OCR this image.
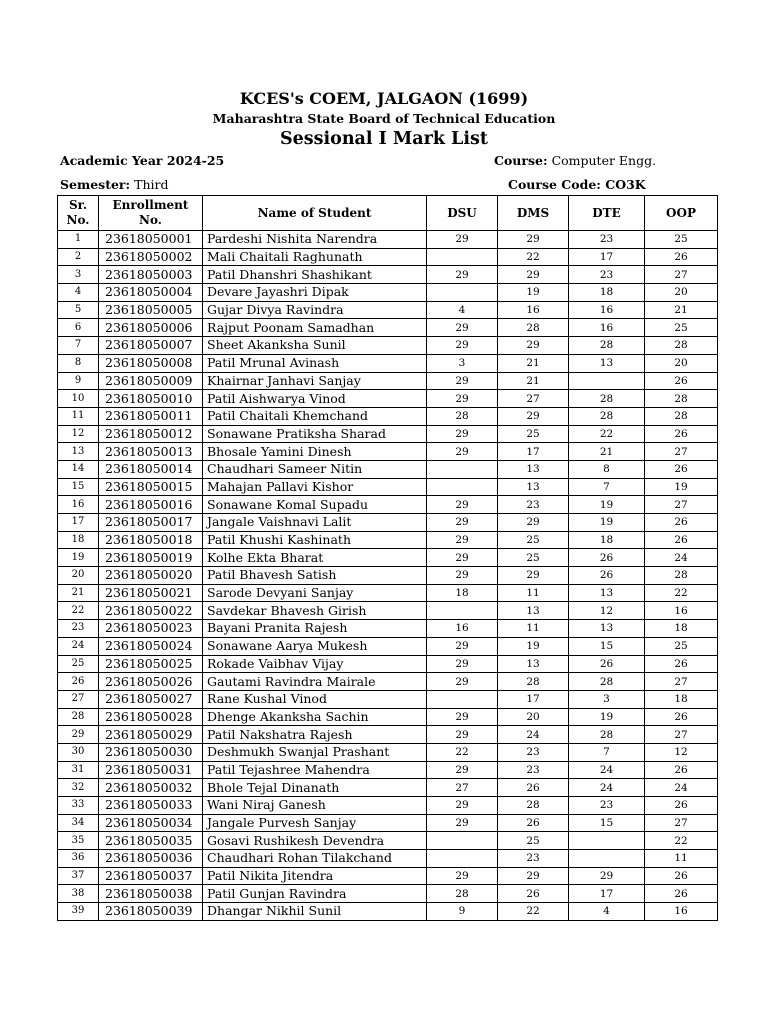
KCES's COEM, JALGAON (1699)
Maharashtra State Board of Technical Education
Sessional I Mark List
Academic Year 2024-25	Course: Computer Engg.
Semester: Third	Course Code: CO3K
Sr. No.	Enrollment No.	Name of Student	DSU	DMS	DTE	OOP
1	23618050001	Pardeshi Nishita Narendra	29	29	23	25
2	23618050002	Mali Chaitali Raghunath		22	17	26
3	23618050003	Patil Dhanshri Shashikant	29	29	23	27
4	23618050004	Devare Jayashri Dipak		19	18	20
5	23618050005	Gujar Divya Ravindra	4	16	16	21
6	23618050006	Rajput Poonam Samadhan	29	28	16	25
7	23618050007	Sheet Akanksha Sunil	29	29	28	28
8	23618050008	Patil Mrunal Avinash	3	21	13	20
9	23618050009	Khairnar Janhavi Sanjay	29	21		26
10	23618050010	Patil Aishwarya Vinod	29	27	28	28
11	23618050011	Patil Chaitali Khemchand	28	29	28	28
12	23618050012	Sonawane Pratiksha Sharad	29	25	22	26
13	23618050013	Bhosale Yamini Dinesh	29	17	21	27
14	23618050014	Chaudhari Sameer Nitin		13	8	26
15	23618050015	Mahajan Pallavi Kishor		13	7	19
16	23618050016	Sonawane Komal Supadu	29	23	19	27
17	23618050017	Jangale Vaishnavi Lalit	29	29	19	26
18	23618050018	Patil Khushi Kashinath	29	25	18	26
19	23618050019	Kolhe Ekta Bharat	29	25	26	24
20	23618050020	Patil Bhavesh Satish	29	29	26	28
21	23618050021	Sarode Devyani Sanjay	18	11	13	22
22	23618050022	Savdekar Bhavesh Girish		13	12	16
23	23618050023	Bayani Pranita Rajesh	16	11	13	18
24	23618050024	Sonawane Aarya Mukesh	29	19	15	25
25	23618050025	Rokade Vaibhav Vijay	29	13	26	26
26	23618050026	Gautami Ravindra Mairale	29	28	28	27
27	23618050027	Rane Kushal Vinod		17	3	18
28	23618050028	Dhenge Akanksha Sachin	29	20	19	26
29	23618050029	Patil Nakshatra Rajesh	29	24	28	27
30	23618050030	Deshmukh Swanjal Prashant	22	23	7	12
31	23618050031	Patil Tejashree Mahendra	29	23	24	26
32	23618050032	Bhole Tejal Dinanath	27	26	24	24
33	23618050033	Wani Niraj Ganesh	29	28	23	26
34	23618050034	Jangale Purvesh Sanjay	29	26	15	27
35	23618050035	Gosavi Rushikesh Devendra		25		22
36	23618050036	Chaudhari Rohan Tilakchand		23		11
37	23618050037	Patil Nikita Jitendra	29	29	29	26
38	23618050038	Patil Gunjan Ravindra	28	26	17	26
39	23618050039	Dhangar Nikhil Sunil	9	22	4	16
